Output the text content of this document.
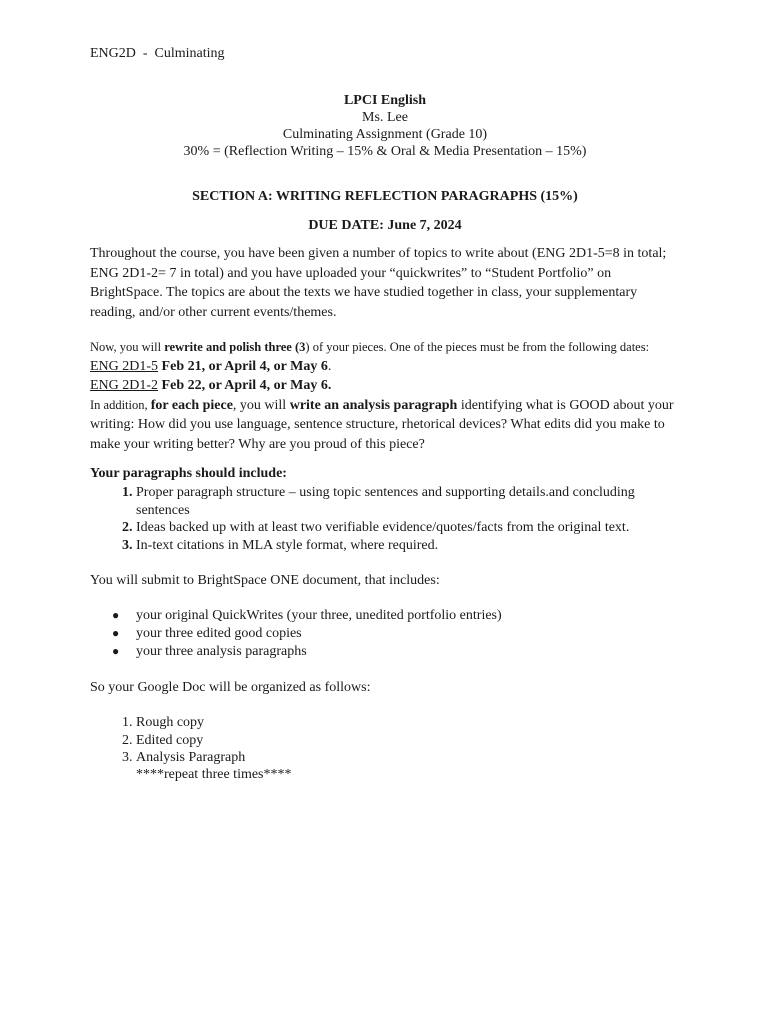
ENG2D  -  Culminating
LPCI English
Ms. Lee
Culminating Assignment (Grade 10)
30% = (Reflection Writing – 15% & Oral & Media Presentation – 15%)
SECTION A: WRITING REFLECTION PARAGRAPHS (15%)
DUE DATE: June 7, 2024
Throughout the course, you have been given a number of topics to write about (ENG 2D1-5=8 in total; ENG 2D1-2= 7 in total) and you have uploaded your “quickwrites” to “Student Portfolio” on BrightSpace. The topics are about the texts we have studied together in class, your supplementary reading, and/or other current events/themes.
Now, you will rewrite and polish three (3) of your pieces. One of the pieces must be from the following dates:
ENG 2D1-5 Feb 21, or April 4, or May 6.
ENG 2D1-2 Feb 22, or April 4, or May 6.
In addition, for each piece, you will write an analysis paragraph identifying what is GOOD about your writing: How did you use language, sentence structure, rhetorical devices? What edits did you make to make your writing better? Why are you proud of this piece?
Your paragraphs should include:
1. Proper paragraph structure – using topic sentences and supporting details.and concluding sentences
2. Ideas backed up with at least two verifiable evidence/quotes/facts from the original text.
3. In-text citations in MLA style format, where required.
You will submit to BrightSpace ONE document, that includes:
● your original QuickWrites (your three, unedited portfolio entries)
● your three edited good copies
● your three analysis paragraphs
So your Google Doc will be organized as follows:
1. Rough copy
2. Edited copy
3. Analysis Paragraph
****repeat three times****
